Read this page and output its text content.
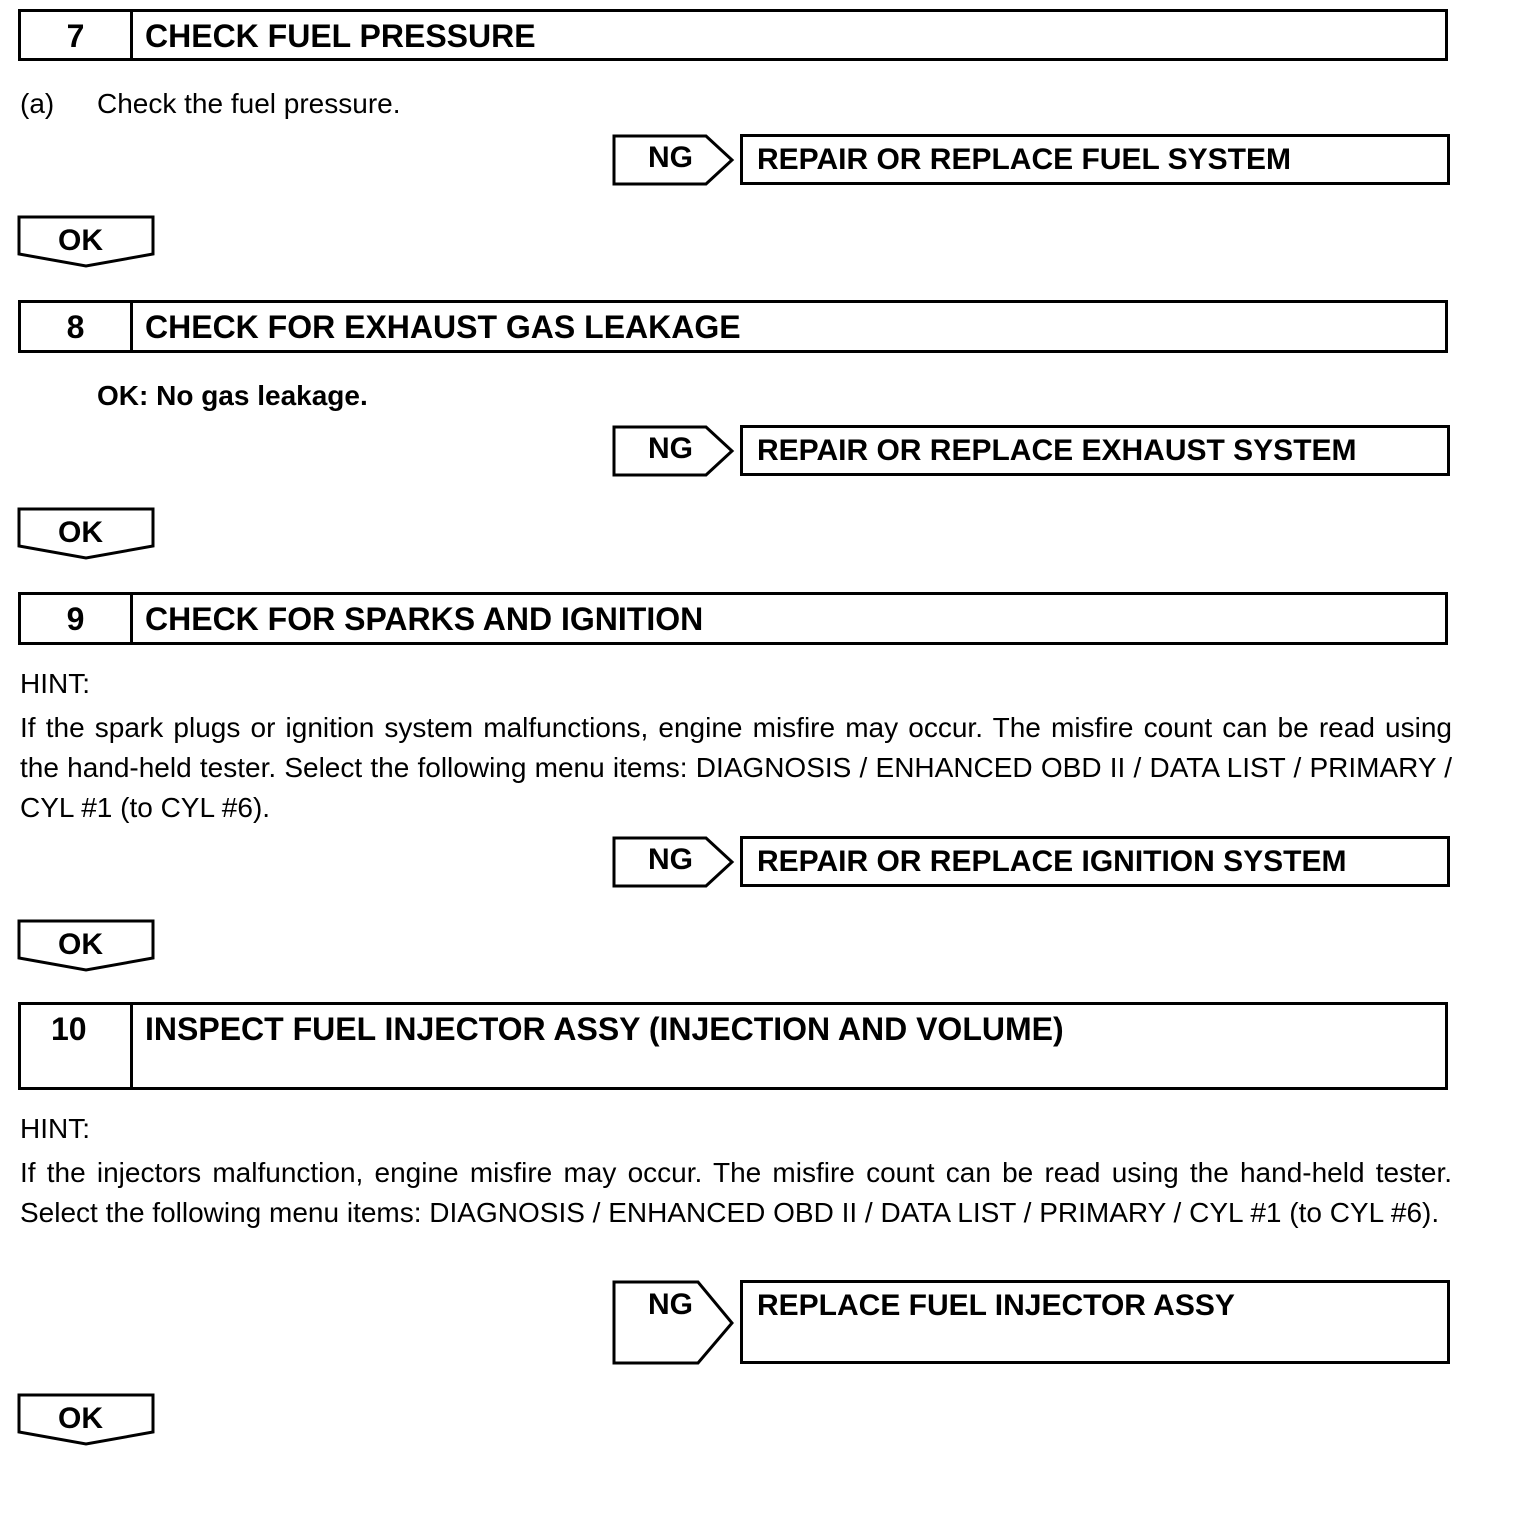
7	CHECK FUEL PRESSURE
(a) Check the fuel pressure.
NG	REPAIR OR REPLACE FUEL SYSTEM
OK
8	CHECK FOR EXHAUST GAS LEAKAGE
OK: No gas leakage.
NG	REPAIR OR REPLACE EXHAUST SYSTEM
OK
9	CHECK FOR SPARKS AND IGNITION
HINT:
If the spark plugs or ignition system malfunctions, engine misfire may occur. The misfire count can be read using the hand-held tester. Select the following menu items: DIAGNOSIS / ENHANCED OBD II / DATA LIST / PRIMARY / CYL #1 (to CYL #6).
NG	REPAIR OR REPLACE IGNITION SYSTEM
OK
10	INSPECT FUEL INJECTOR ASSY (INJECTION AND VOLUME)
HINT:
If the injectors malfunction, engine misfire may occur. The misfire count can be read using the hand-held tester. Select the following menu items: DIAGNOSIS / ENHANCED OBD II / DATA LIST / PRIMARY / CYL #1 (to CYL #6).
NG	REPLACE FUEL INJECTOR ASSY
OK
